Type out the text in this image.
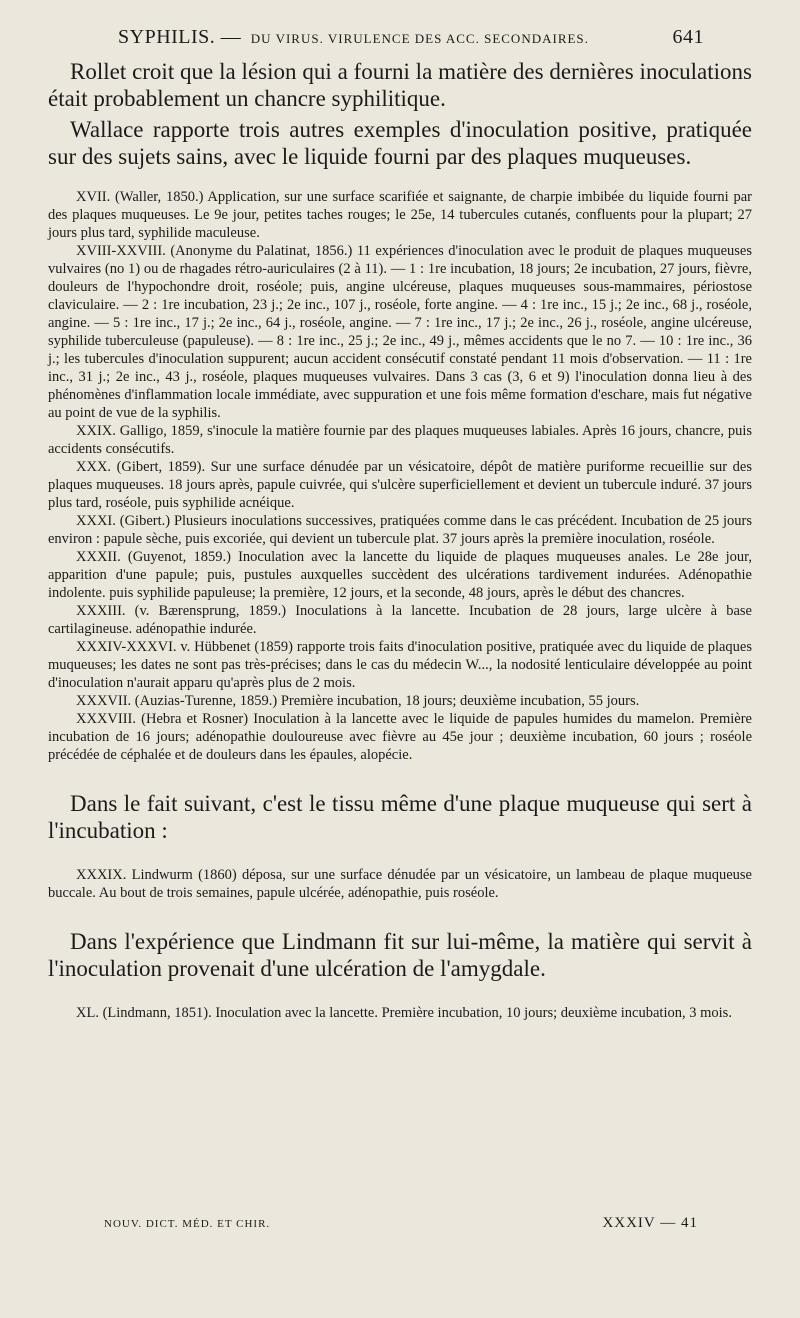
SYPHILIS. — DU VIRUS. VIRULENCE DES ACC. SECONDAIRES.	641

Rollet croit que la lésion qui a fourni la matière des dernières inoculations était probablement un chancre syphilitique.

Wallace rapporte trois autres exemples d'inoculation positive, pratiquée sur des sujets sains, avec le liquide fourni par des plaques muqueuses.

XVII. (Waller, 1850.) Application, sur une surface scarifiée et saignante, de charpie imbibée du liquide fourni par des plaques muqueuses. Le 9e jour, petites taches rouges; le 25e, 14 tubercules cutanés, confluents pour la plupart; 27 jours plus tard, syphilide maculeuse.

XVIII-XXVIII. (Anonyme du Palatinat, 1856.) 11 expériences d'inoculation avec le produit de plaques muqueuses vulvaires (no 1) ou de rhagades rétro-auriculaires (2 à 11). — 1 : 1re incubation, 18 jours; 2e incubation, 27 jours, fièvre, douleurs de l'hypochondre droit, roséole; puis, angine ulcéreuse, plaques muqueuses sous-mammaires, périostose claviculaire. — 2 : 1re incubation, 23 j.; 2e inc., 107 j., roséole, forte angine. — 4 : 1re inc., 15 j.; 2e inc., 68 j., roséole, angine. — 5 : 1re inc., 17 j.; 2e inc., 64 j., roséole, angine. — 7 : 1re inc., 17 j.; 2e inc., 26 j., roséole, angine ulcéreuse, syphilide tuberculeuse (papuleuse). — 8 : 1re inc., 25 j.; 2e inc., 49 j., mêmes accidents que le no 7. — 10 : 1re inc., 36 j.; les tubercules d'inoculation suppurent; aucun accident consécutif constaté pendant 11 mois d'observation. — 11 : 1re inc., 31 j.; 2e inc., 43 j., roséole, plaques muqueuses vulvaires. Dans 3 cas (3, 6 et 9) l'inoculation donna lieu à des phénomènes d'inflammation locale immédiate, avec suppuration et une fois même formation d'eschare, mais fut négative au point de vue de la syphilis.

XXIX. Galligo, 1859, s'inocule la matière fournie par des plaques muqueuses labiales. Après 16 jours, chancre, puis accidents consécutifs.

XXX. (Gibert, 1859). Sur une surface dénudée par un vésicatoire, dépôt de matière puriforme recueillie sur des plaques muqueuses. 18 jours après, papule cuivrée, qui s'ulcère superficiellement et devient un tubercule induré. 37 jours plus tard, roséole, puis syphilide acnéique.

XXXI. (Gibert.) Plusieurs inoculations successives, pratiquées comme dans le cas précédent. Incubation de 25 jours environ : papule sèche, puis excoriée, qui devient un tubercule plat. 37 jours après la première inoculation, roséole.

XXXII. (Guyenot, 1859.) Inoculation avec la lancette du liquide de plaques muqueuses anales. Le 28e jour, apparition d'une papule; puis, pustules auxquelles succèdent des ulcérations tardivement indurées. Adénopathie indolente. puis syphilide papuleuse; la première, 12 jours, et la seconde, 48 jours, après le début des chancres.

XXXIII. (v. Bærensprung, 1859.) Inoculations à la lancette. Incubation de 28 jours, large ulcère à base cartilagineuse. adénopathie indurée.

XXXIV-XXXVI. v. Hübbenet (1859) rapporte trois faits d'inoculation positive, pratiquée avec du liquide de plaques muqueuses; les dates ne sont pas très-précises; dans le cas du médecin W..., la nodosité lenticulaire développée au point d'inoculation n'aurait apparu qu'après plus de 2 mois.

XXXVII. (Auzias-Turenne, 1859.) Première incubation, 18 jours; deuxième incubation, 55 jours.

XXXVIII. (Hebra et Rosner) Inoculation à la lancette avec le liquide de papules humides du mamelon. Première incubation de 16 jours; adénopathie douloureuse avec fièvre au 45e jour ; deuxième incubation, 60 jours ; roséole précédée de céphalée et de douleurs dans les épaules, alopécie.

Dans le fait suivant, c'est le tissu même d'une plaque muqueuse qui sert à l'incubation :

XXXIX. Lindwurm (1860) déposa, sur une surface dénudée par un vésicatoire, un lambeau de plaque muqueuse buccale. Au bout de trois semaines, papule ulcérée, adénopathie, puis roséole.

Dans l'expérience que Lindmann fit sur lui-même, la matière qui servit à l'inoculation provenait d'une ulcération de l'amygdale.

XL. (Lindmann, 1851). Inoculation avec la lancette. Première incubation, 10 jours; deuxième incubation, 3 mois.

NOUV. DICT. MÉD. ET CHIR.	XXXIV — 41
